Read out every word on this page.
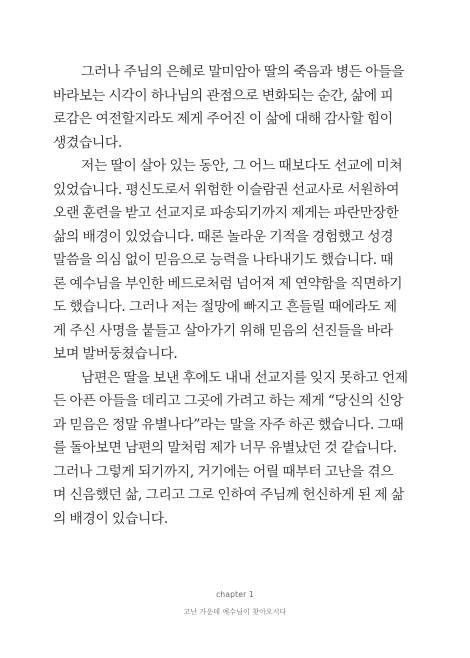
그러나 주님의 은혜로 말미암아 딸의 죽음과 병든 아들을
바라보는 시각이 하나님의 관점으로 변화되는 순간, 삶에 피
로감은 여전할지라도 제게 주어진 이 삶에 대해 감사할 힘이
생겼습니다.
저는 딸이 살아 있는 동안, 그 어느 때보다도 선교에 미쳐
있었습니다. 평신도로서 위험한 이슬람권 선교사로 서원하여
오랜 훈련을 받고 선교지로 파송되기까지 제게는 파란만장한
삶의 배경이 있었습니다. 때론 놀라운 기적을 경험했고 성경
말씀을 의심 없이 믿음으로 능력을 나타내기도 했습니다. 때
론 예수님을 부인한 베드로처럼 넘어져 제 연약함을 직면하기
도 했습니다. 그러나 저는 절망에 빠지고 흔들릴 때에라도 제
게 주신 사명을 붙들고 살아가기 위해 믿음의 선진들을 바라
보며 발버둥쳤습니다.
남편은 딸을 보낸 후에도 내내 선교지를 잊지 못하고 언제
든 아픈 아들을 데리고 그곳에 가려고 하는 제게 “당신의 신앙
과 믿음은 정말 유별나다”라는 말을 자주 하곤 했습니다. 그때
를 돌아보면 남편의 말처럼 제가 너무 유별났던 것 같습니다.
그러나 그렇게 되기까지, 거기에는 어릴 때부터 고난을 겪으
며 신음했던 삶, 그리고 그로 인하여 주님께 헌신하게 된 제 삶
의 배경이 있습니다.
chapter 1
고난 가운데 예수님이 찾아오시다
